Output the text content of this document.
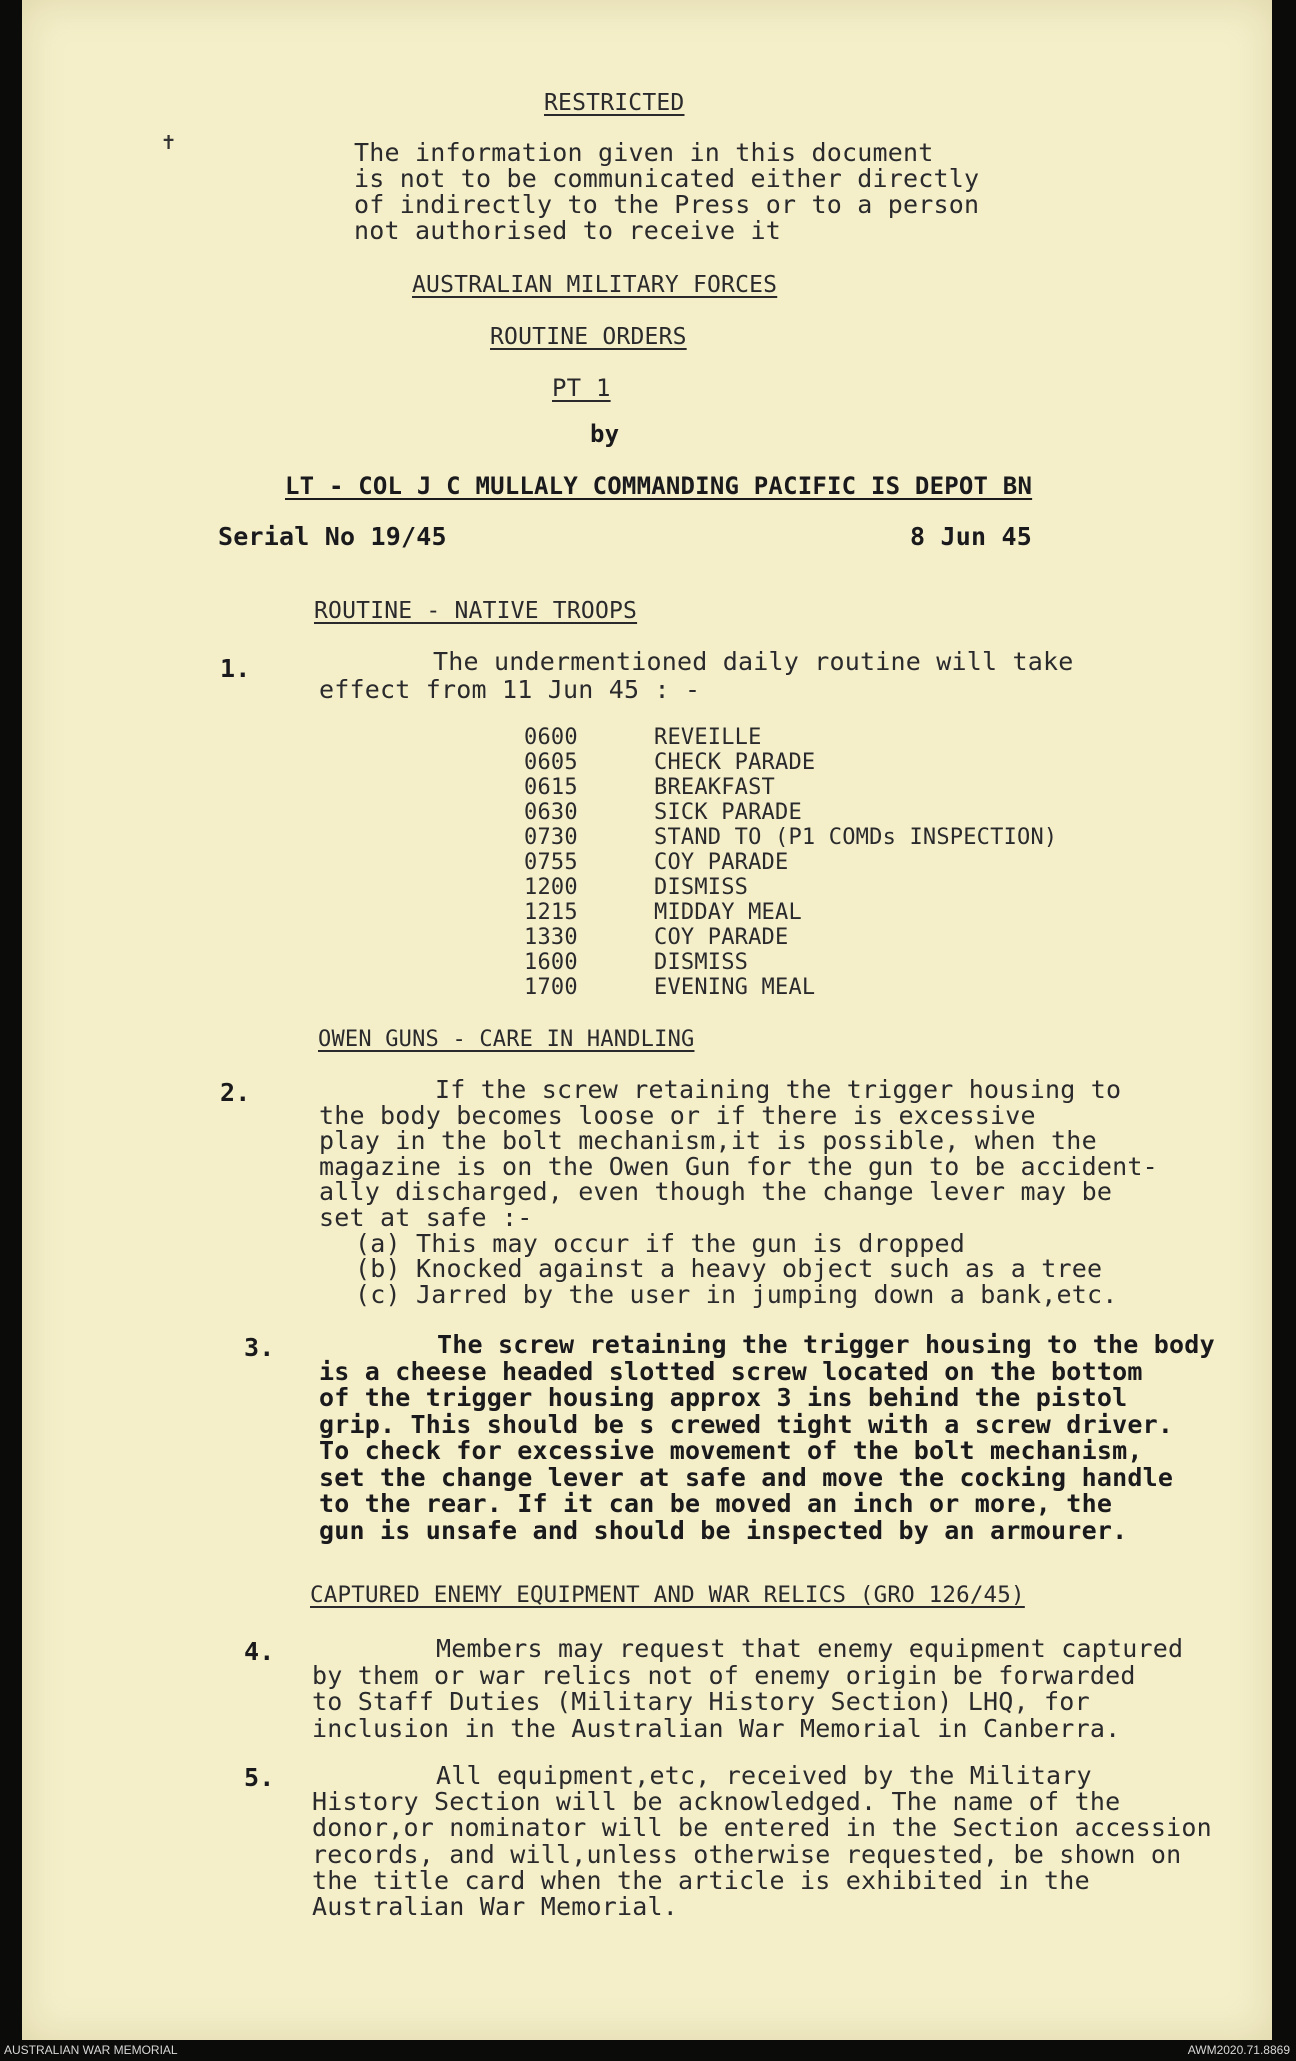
✝
RESTRICTED
The information given in this document
is not to be communicated either directly
of indirectly to the Press or to a person
not authorised to receive it
AUSTRALIAN MILITARY FORCES
ROUTINE ORDERS
PT 1
by
LT - COL J C MULLALY COMMANDING PACIFIC IS DEPOT BN
Serial No 19/45	8 Jun 45
ROUTINE - NATIVE TROOPS
1.	The undermentioned daily routine will take
effect from 11 Jun 45 : -
0600	REVEILLE
0605	CHECK PARADE
0615	BREAKFAST
0630	SICK PARADE
0730	STAND TO (P1 COMDs INSPECTION)
0755	COY PARADE
1200	DISMISS
1215	MIDDAY MEAL
1330	COY PARADE
1600	DISMISS
1700	EVENING MEAL
OWEN GUNS - CARE IN HANDLING
2.	If the screw retaining the trigger housing to
the body becomes loose or if there is excessive
play in the bolt mechanism,it is possible, when the
magazine is on the Owen Gun for the gun to be accident-
ally discharged, even though the change lever may be
set at safe :-
(a) This may occur if the gun is dropped
(b) Knocked against a heavy object such as a tree
(c) Jarred by the user in jumping down a bank,etc.
3.	The screw retaining the trigger housing to the body
is a cheese headed slotted screw located on the bottom
of the trigger housing approx 3 ins behind the pistol
grip. This should be s crewed tight with a screw driver.
To check for excessive movement of the bolt mechanism,
set the change lever at safe and move the cocking handle
to the rear. If it can be moved an inch or more, the
gun is unsafe and should be inspected by an armourer.
CAPTURED ENEMY EQUIPMENT AND WAR RELICS (GRO 126/45)
4.	Members may request that enemy equipment captured
by them or war relics not of enemy origin be forwarded
to Staff Duties (Military History Section) LHQ, for
inclusion in the Australian War Memorial in Canberra.
5.	All equipment,etc, received by the Military
History Section will be acknowledged. The name of the
donor,or nominator will be entered in the Section accession
records, and will,unless otherwise requested, be shown on
the title card when the article is exhibited in the
Australian War Memorial.
AUSTRALIAN WAR MEMORIAL	AWM2020.71.8869
